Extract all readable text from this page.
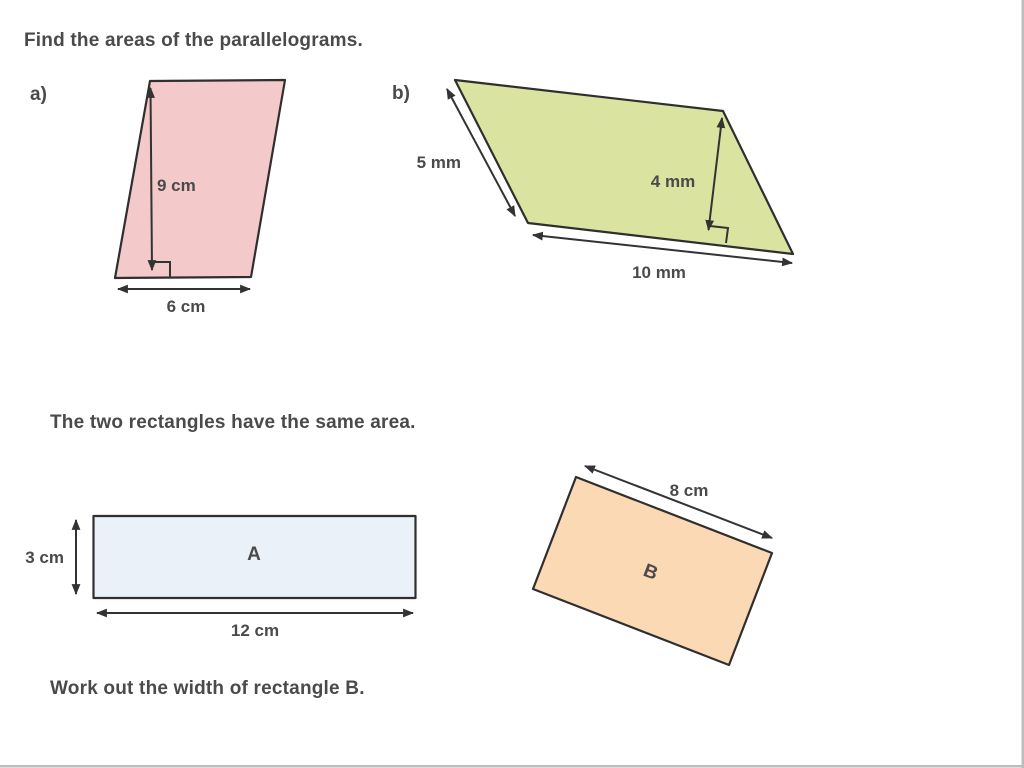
Find the areas of the parallelograms.
a)
9 cm
6 cm
b)
5 mm
4 mm
10 mm
The two rectangles have the same area.
A
3 cm
12 cm
8 cm
B
Work out the width of rectangle B.
